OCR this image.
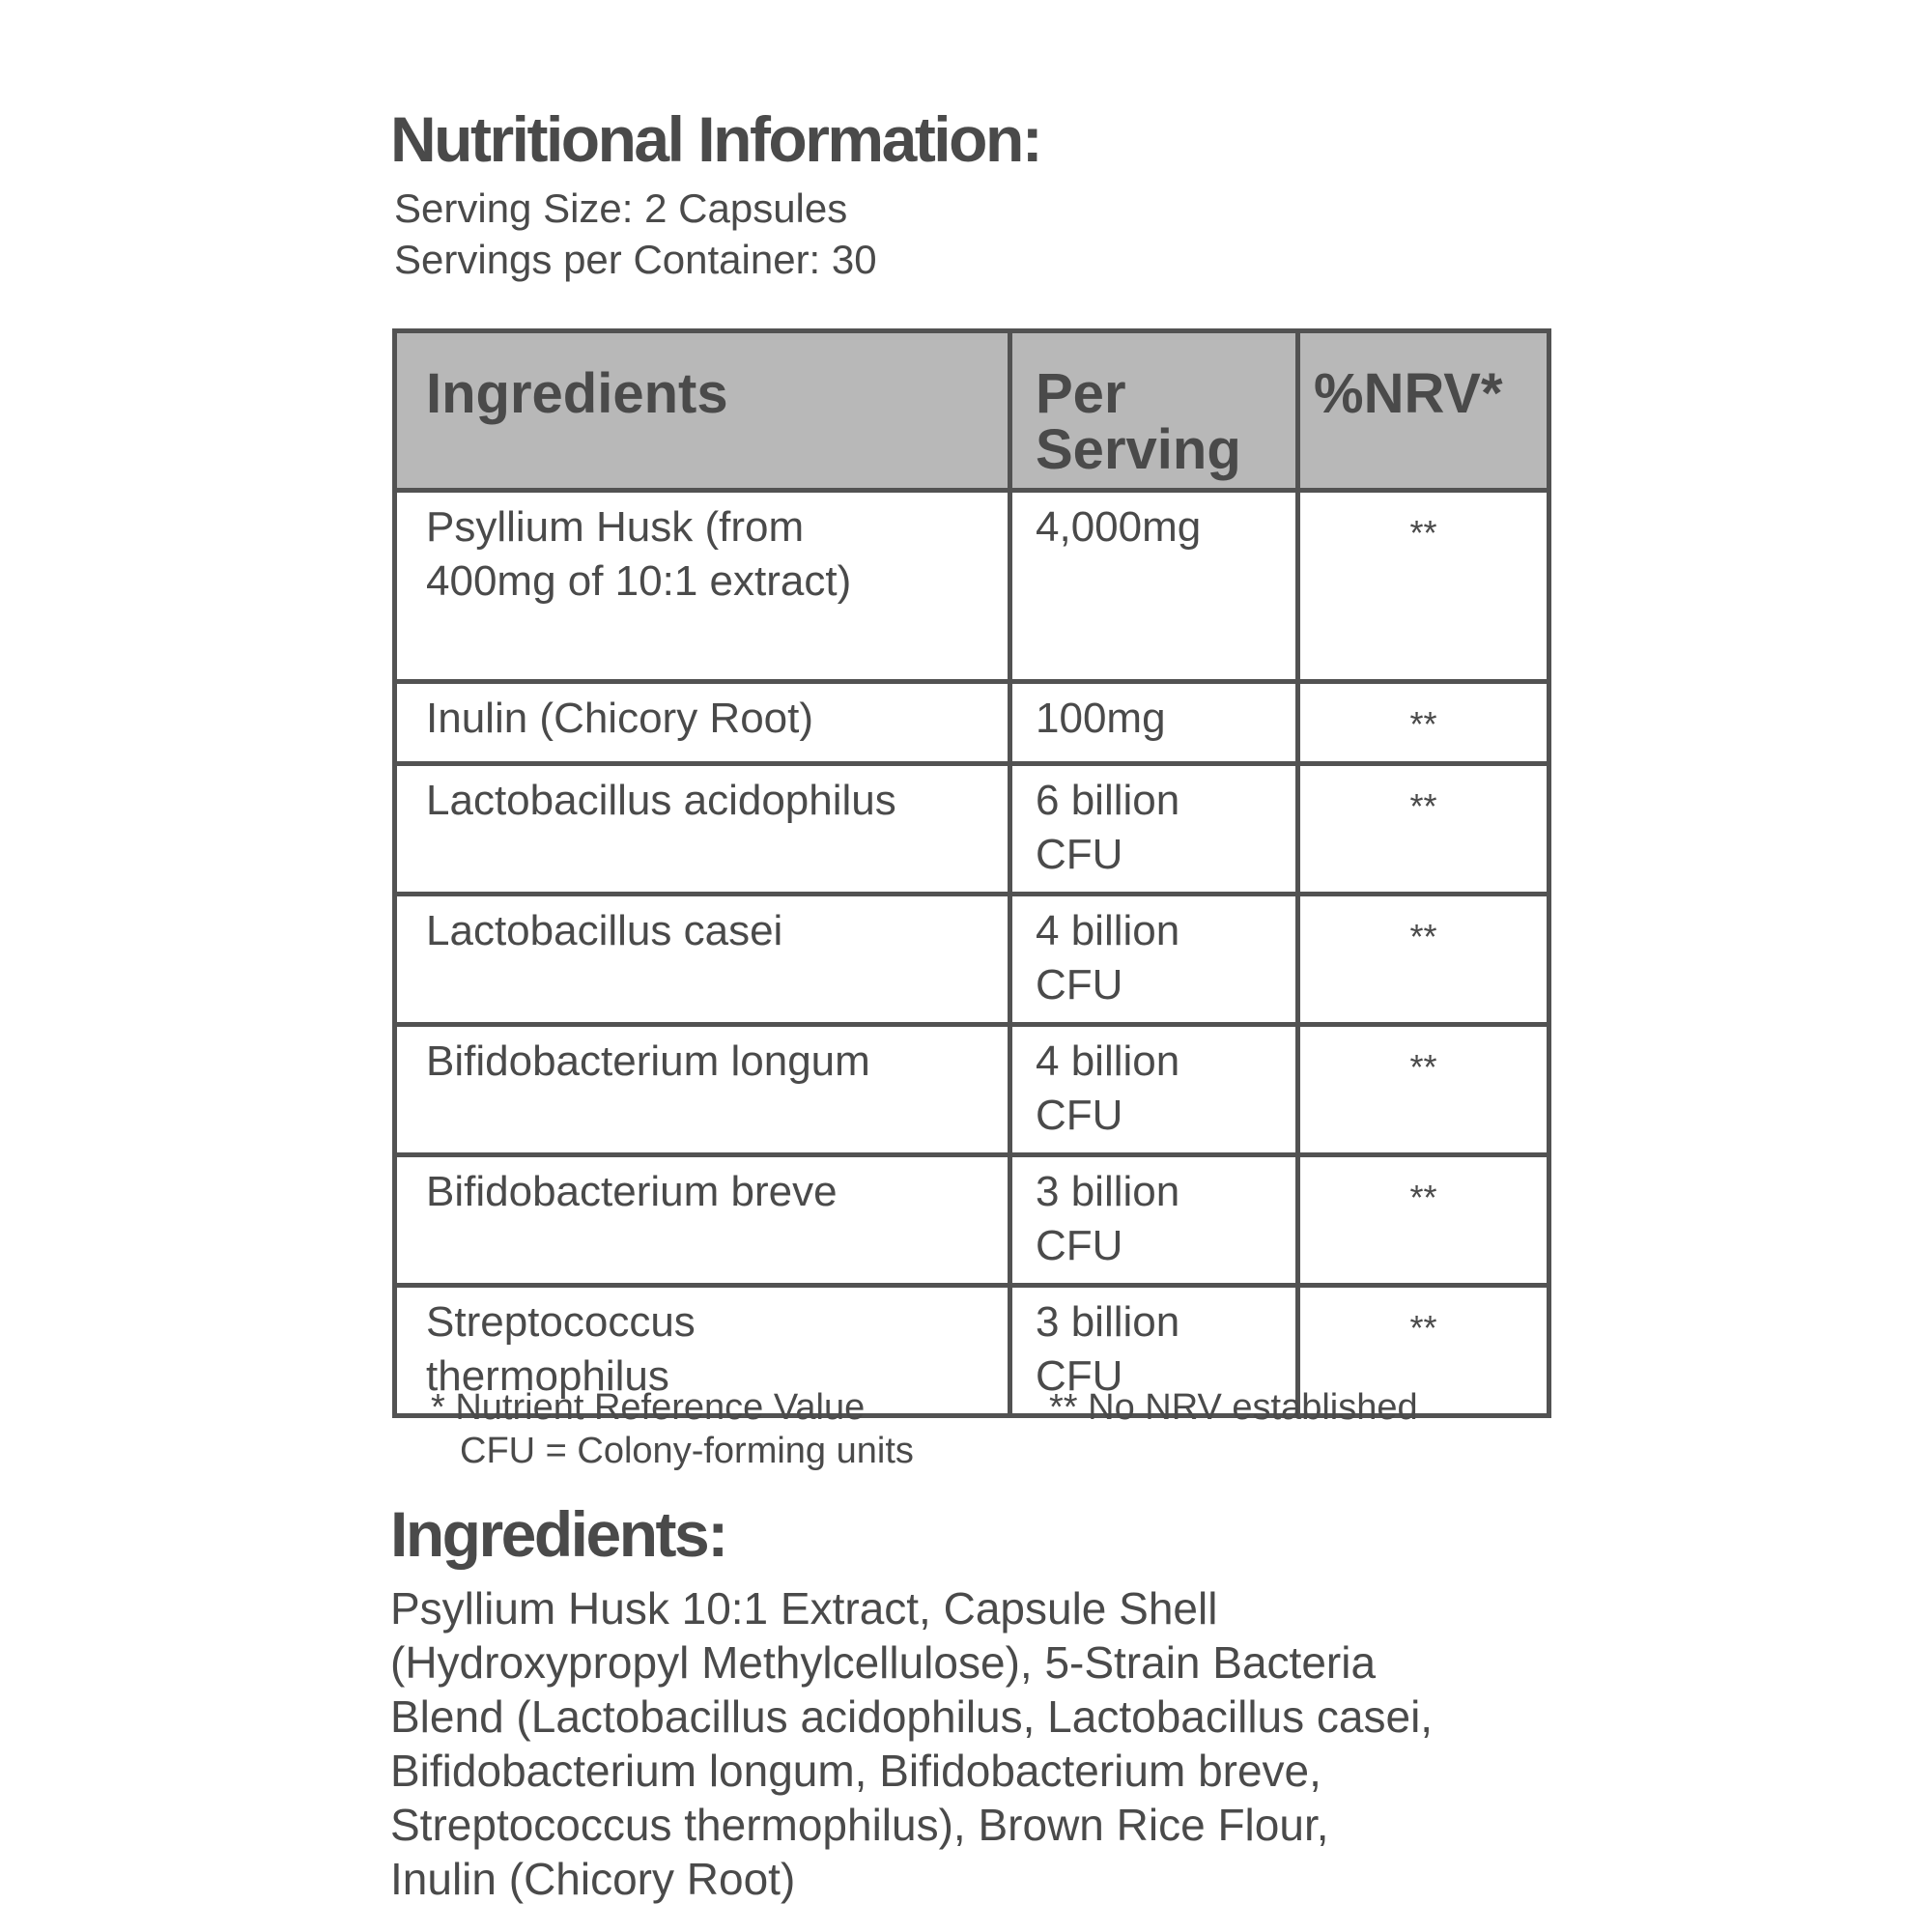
Nutritional Information:
Serving Size: 2 Capsules
Servings per Container: 30
Ingredients	Per Serving	%NRV*
Psyllium Husk (from 400mg of 10:1 extract)	4,000mg	**
Inulin (Chicory Root)	100mg	**
Lactobacillus acidophilus	6 billion CFU	**
Lactobacillus casei	4 billion CFU	**
Bifidobacterium longum	4 billion CFU	**
Bifidobacterium breve	3 billion CFU	**
Streptococcus thermophilus	3 billion CFU	**
* Nutrient Reference Value
CFU = Colony-forming units
** No NRV established
Ingredients:

Psyllium Husk 10:1 Extract, Capsule Shell
(Hydroxypropyl Methylcellulose), 5-Strain Bacteria
Blend (Lactobacillus acidophilus, Lactobacillus casei,
Bifidobacterium longum, Bifidobacterium breve,
Streptococcus thermophilus), Brown Rice Flour,
Inulin (Chicory Root)
